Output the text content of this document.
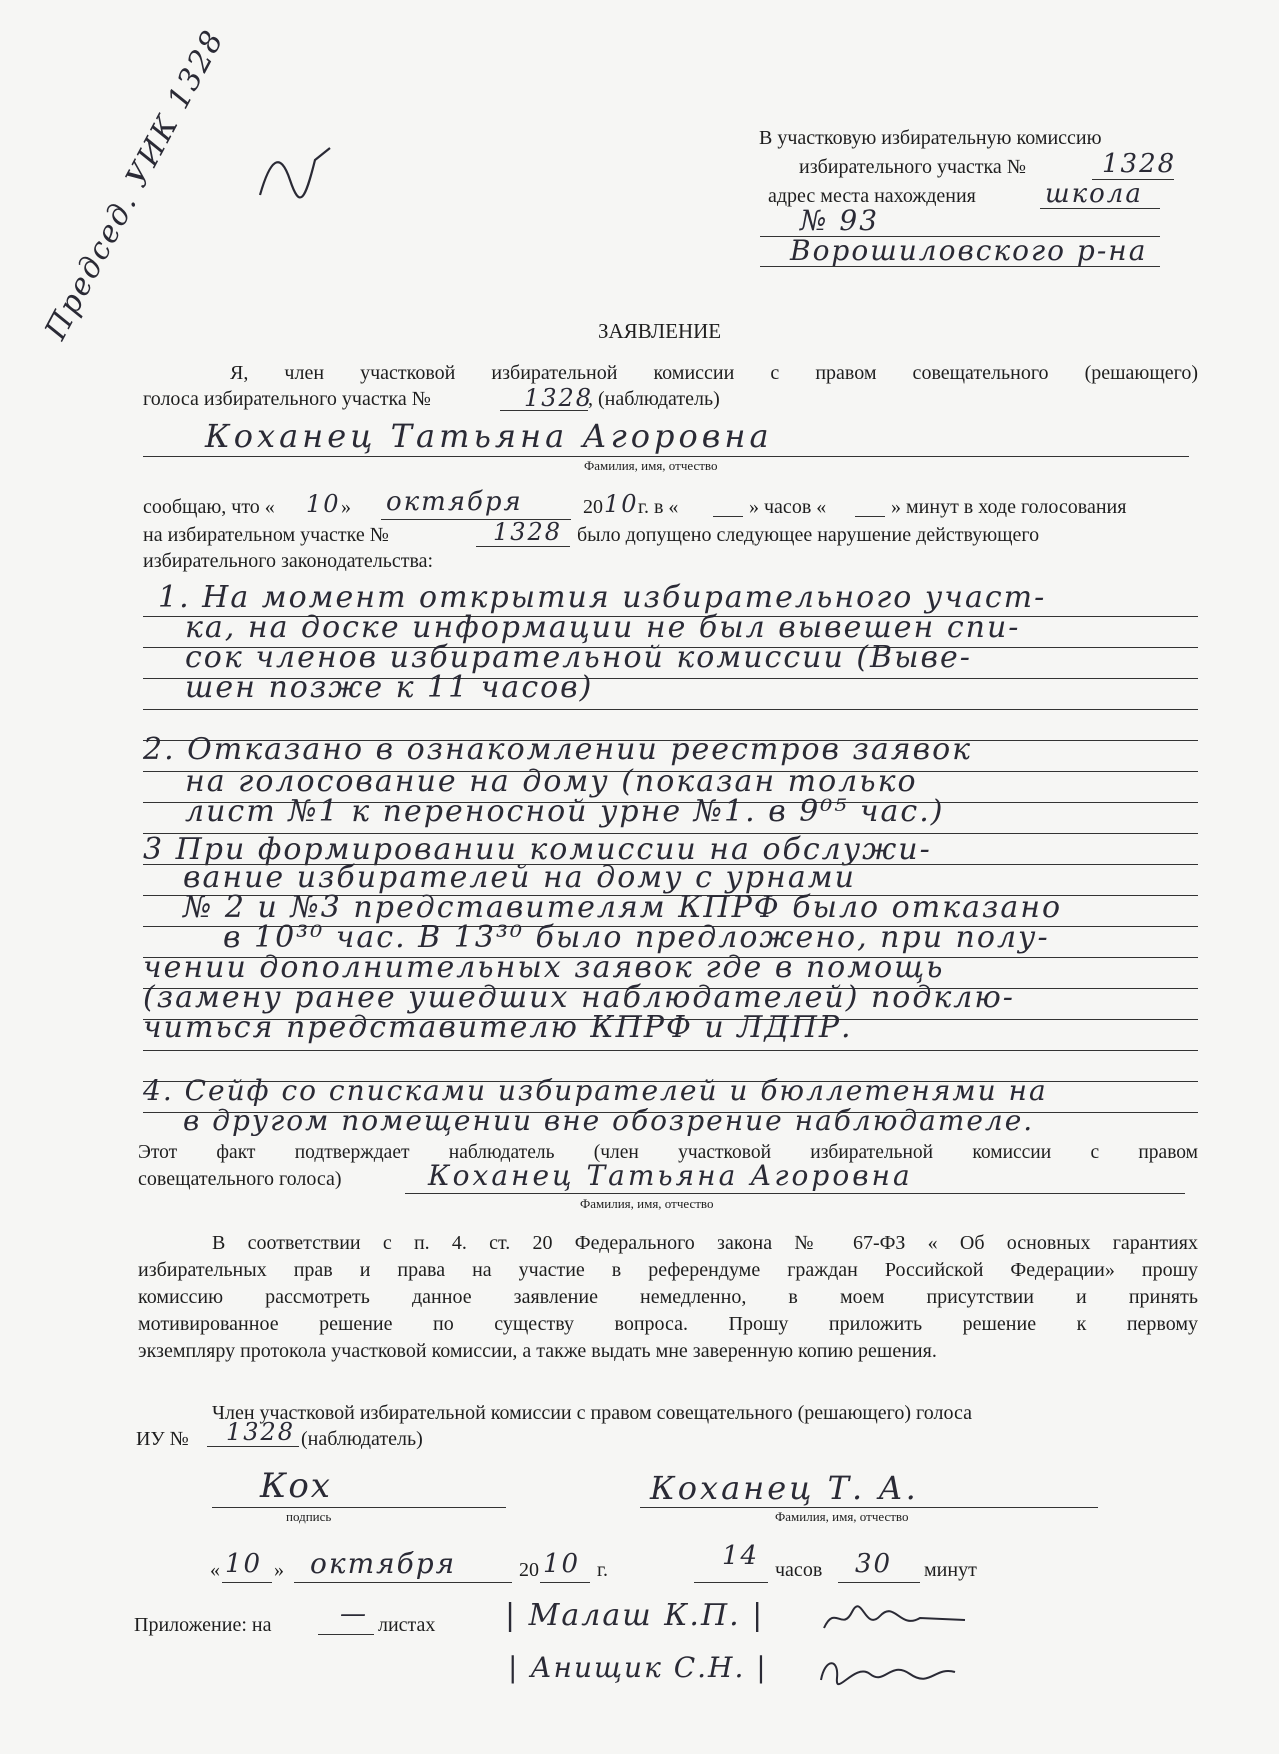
Председ. УИК 1328	В участковую избирательную комиссию
избирательного участка №	1328
адрес места нахождения	школа
№ 93
Ворошиловского р-на
ЗАЯВЛЕНИЕ
Я, член участковой избирательной комиссии с правом совещательного (решающего)
голоса избирательного участка №	1328
, (наблюдатель)
Коханец Татьяна Агоровна
Фамилия, имя, отчество
сообщаю, что « 10 » октября	20 10 г. в «	» часов «	» минут в ходе голосования
на избирательном участке №	1328 было допущено следующее нарушение действующего
избирательного законодательства:
1. На момент открытия избирательного участ-
ка, на доске информации не был вывешен спи-
сок членов избирательной комиссии (Выве-
шен позже к 11 часов)
2. Отказано в ознакомлении реестров заявок
на голосование на дому (показан только
лист №1 к переносной урне №1. в 9⁰⁵ час.)
3 При формировании комиссии на обслужи-
вание избирателей на дому с урнами
№ 2 и №3 представителям КПРФ было отказано
в 10³⁰ час. В 13³⁰ было предложено, при полу-
чении дополнительных заявок где в помощь
(замену ранее ушедших наблюдателей) подклю-
читься представителю КПРФ и ЛДПР.
4. Сейф со списками избирателей и бюллетенями на
в другом помещении вне обозрение наблюдателе.
Этот факт подтверждает наблюдатель (член участковой избирательной комиссии с правом
совещательного голоса)	Коханец Татьяна Агоровна
Фамилия, имя, отчество
В соответствии с п. 4. ст. 20 Федерального закона № 67-ФЗ « Об основных гарантиях
избирательных прав и права на участие в референдуме граждан Российской Федерации» прошу
комиссию рассмотреть данное заявление немедленно, в моем присутствии и принять
мотивированное решение по существу вопроса. Прошу приложить решение к первому
экземпляру протокола участковой комиссии, а также выдать мне заверенную копию решения.
Член участковой избирательной комиссии с правом совещательного (решающего) голоса
ИУ № 1328 (наблюдатель)
Кох
подпись
Коханец Т. А.
Фамилия, имя, отчество
« 10 » октября	20 10 г.	14 часов 30 минут
Приложение: на	— листах | Малаш К.П. |
| Анищик С.Н. |
